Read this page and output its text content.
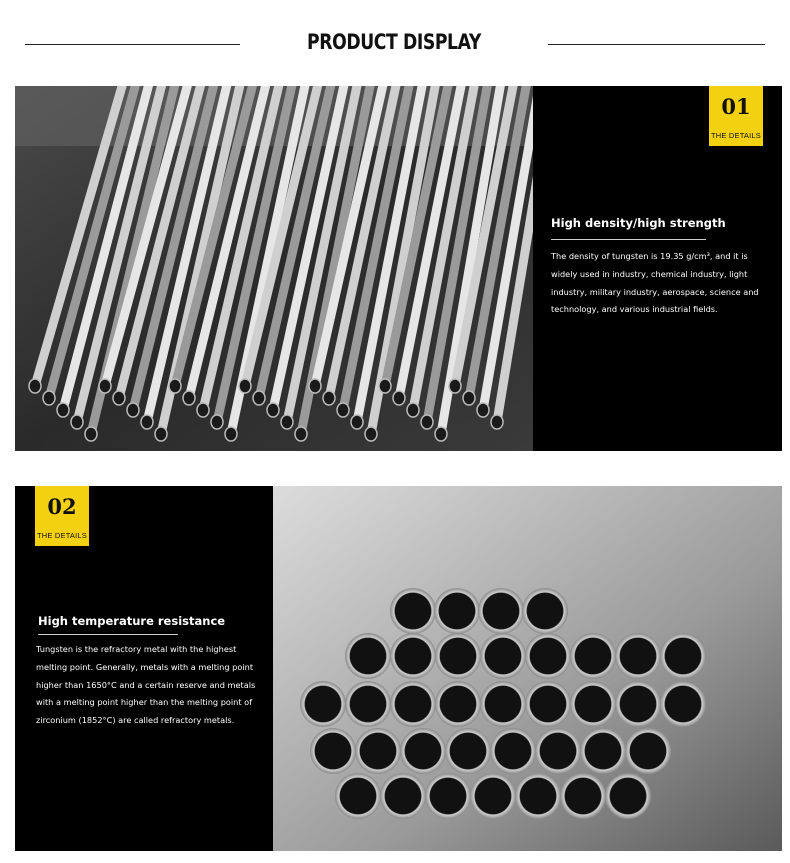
PRODUCT DISPLAY
01
THE DETAILS
High density/high strength
The density of tungsten is 19.35 g/cm³, and it is widely used in industry, chemical industry, light industry, military industry, aerospace, science and technology, and various industrial fields.
02
THE DETAILS
High temperature resistance
Tungsten is the refractory metal with the highest melting point. Generally, metals with a melting point higher than 1650°C and a certain reserve and metals with a melting point higher than the melting point of zirconium (1852°C) are called refractory metals.
